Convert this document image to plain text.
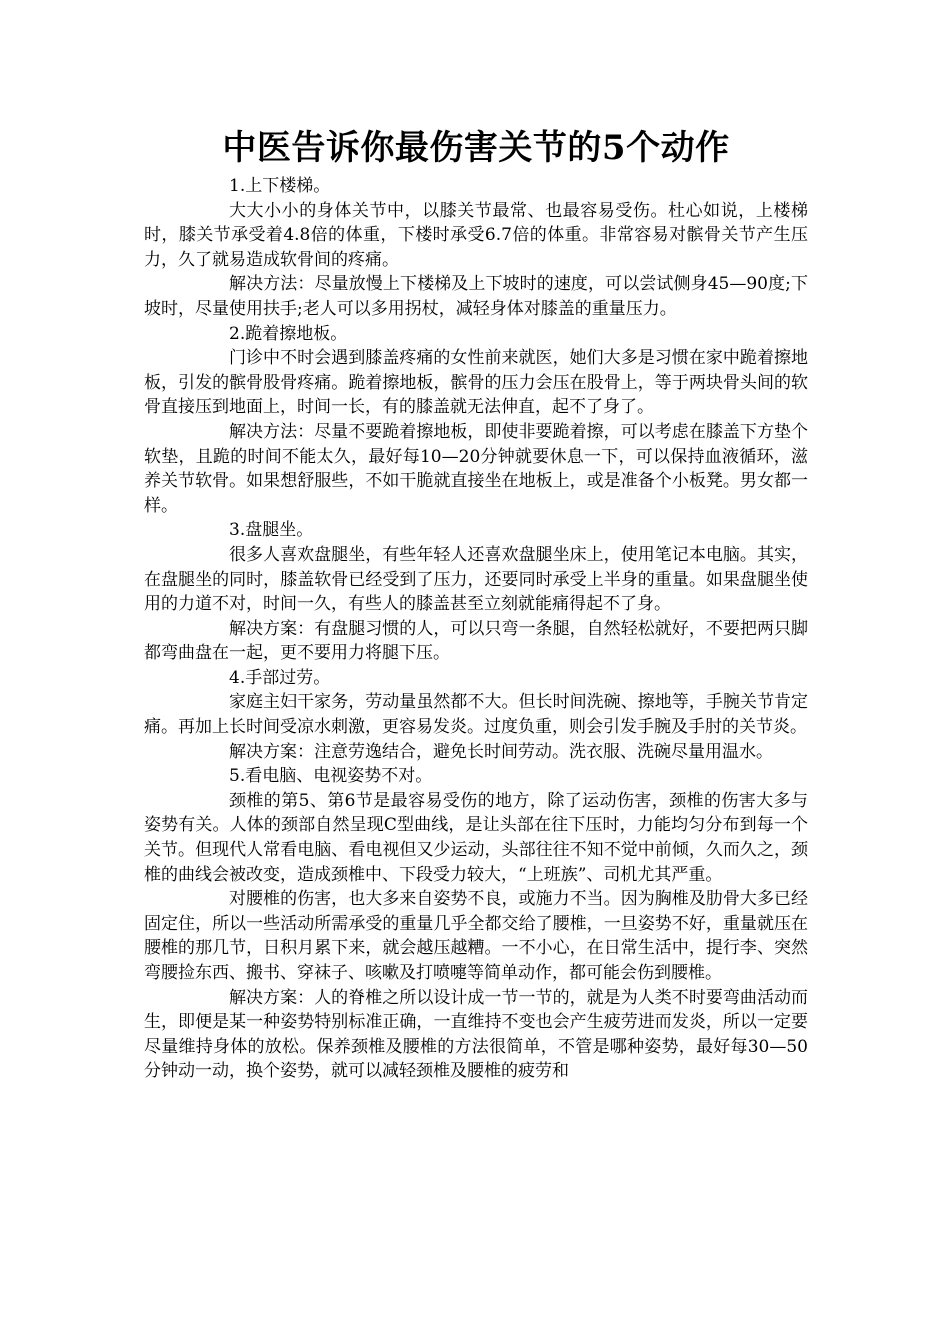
中医告诉你最伤害关节的5个动作

1.上下楼梯。

大大小小的身体关节中，以膝关节最常、也最容易受伤。杜心如说，上楼梯时，膝关节承受着4.8倍的体重，下楼时承受6.7倍的体重。非常容易对髌骨关节产生压力，久了就易造成软骨间的疼痛。

解决方法：尽量放慢上下楼梯及上下坡时的速度，可以尝试侧身45—90度;下坡时，尽量使用扶手;老人可以多用拐杖，减轻身体对膝盖的重量压力。

2.跪着擦地板。

门诊中不时会遇到膝盖疼痛的女性前来就医，她们大多是习惯在家中跪着擦地板，引发的髌骨股骨疼痛。跪着擦地板，髌骨的压力会压在股骨上，等于两块骨头间的软骨直接压到地面上，时间一长，有的膝盖就无法伸直，起不了身了。

解决方法：尽量不要跪着擦地板，即使非要跪着擦，可以考虑在膝盖下方垫个软垫，且跪的时间不能太久，最好每10—20分钟就要休息一下，可以保持血液循环，滋养关节软骨。如果想舒服些，不如干脆就直接坐在地板上，或是准备个小板凳。男女都一样。

3.盘腿坐。

很多人喜欢盘腿坐，有些年轻人还喜欢盘腿坐床上，使用笔记本电脑。其实，在盘腿坐的同时，膝盖软骨已经受到了压力，还要同时承受上半身的重量。如果盘腿坐使用的力道不对，时间一久，有些人的膝盖甚至立刻就能痛得起不了身。

解决方案：有盘腿习惯的人，可以只弯一条腿，自然轻松就好，不要把两只脚都弯曲盘在一起，更不要用力将腿下压。

4.手部过劳。

家庭主妇干家务，劳动量虽然都不大。但长时间洗碗、擦地等，手腕关节肯定痛。再加上长时间受凉水刺激，更容易发炎。过度负重，则会引发手腕及手肘的关节炎。

解决方案：注意劳逸结合，避免长时间劳动。洗衣服、洗碗尽量用温水。

5.看电脑、电视姿势不对。

颈椎的第5、第6节是最容易受伤的地方，除了运动伤害，颈椎的伤害大多与姿势有关。人体的颈部自然呈现C型曲线，是让头部在往下压时，力能均匀分布到每一个关节。但现代人常看电脑、看电视但又少运动，头部往往不知不觉中前倾，久而久之，颈椎的曲线会被改变，造成颈椎中、下段受力较大，“上班族”、司机尤其严重。

对腰椎的伤害，也大多来自姿势不良，或施力不当。因为胸椎及肋骨大多已经固定住，所以一些活动所需承受的重量几乎全都交给了腰椎，一旦姿势不好，重量就压在腰椎的那几节，日积月累下来，就会越压越糟。一不小心，在日常生活中，提行李、突然弯腰捡东西、搬书、穿袜子、咳嗽及打喷嚏等简单动作，都可能会伤到腰椎。

解决方案：人的脊椎之所以设计成一节一节的，就是为人类不时要弯曲活动而生，即便是某一种姿势特别标准正确，一直维持不变也会产生疲劳进而发炎，所以一定要尽量维持身体的放松。保养颈椎及腰椎的方法很简单，不管是哪种姿势，最好每30—50分钟动一动，换个姿势，就可以减轻颈椎及腰椎的疲劳和
